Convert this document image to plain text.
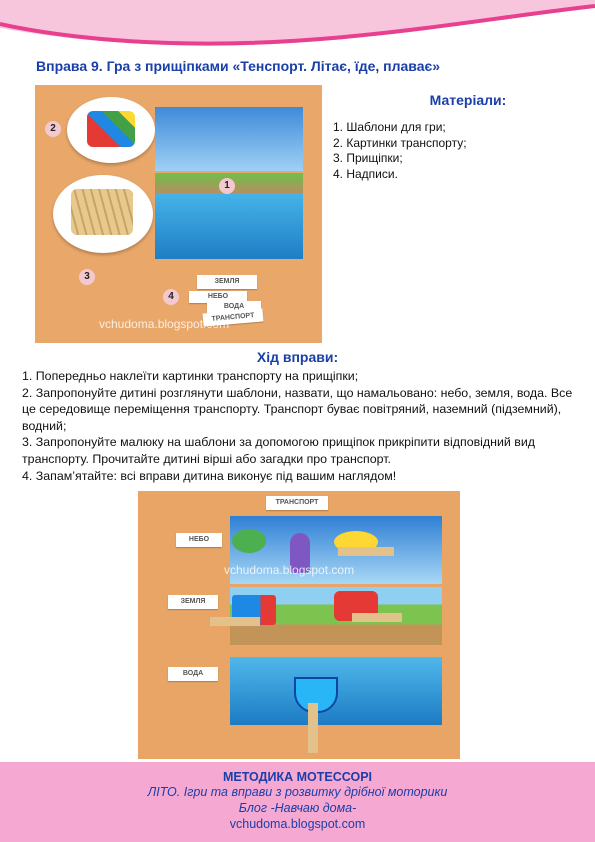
Вправа 9. Гра з прищіпками «Тенспорт. Літає, їде, плаває»
1
2
3
4
ЗЕМЛЯ
НЕБО
ВОДА
ТРАНСПОРТ
vchudoma.blogspot.com
Матеріали:
1. Шаблони для гри;
2. Картинки транспорту;
3. Прищіпки;
4. Надписи.
Хід вправи:
1. Попередньо наклеїти картинки транспорту на прищіпки;
2. Запропонуйте дитині розглянути шаблони, назвати, що намальовано: небо, земля, вода. Все це середовище переміщення транспорту. Транспорт буває повітряний, наземний (підземний), водний;
3. Запропонуйте малюку на шаблони за допомогою прищіпок прикріпити відповідний вид транспорту. Прочитайте дитині вірші або загадки про транспорт.
4. Запам’ятайте: всі вправи дитина виконує під вашим наглядом!
ТРАНСПОРТ
НЕБО
ЗЕМЛЯ
ВОДА
vchudoma.blogspot.com
МЕТОДИКА МОТЕССОРІ
ЛІТО. Ігри та вправи з розвитку дрібної моторики
Блог -Навчаю дома-
vchudoma.blogspot.com
